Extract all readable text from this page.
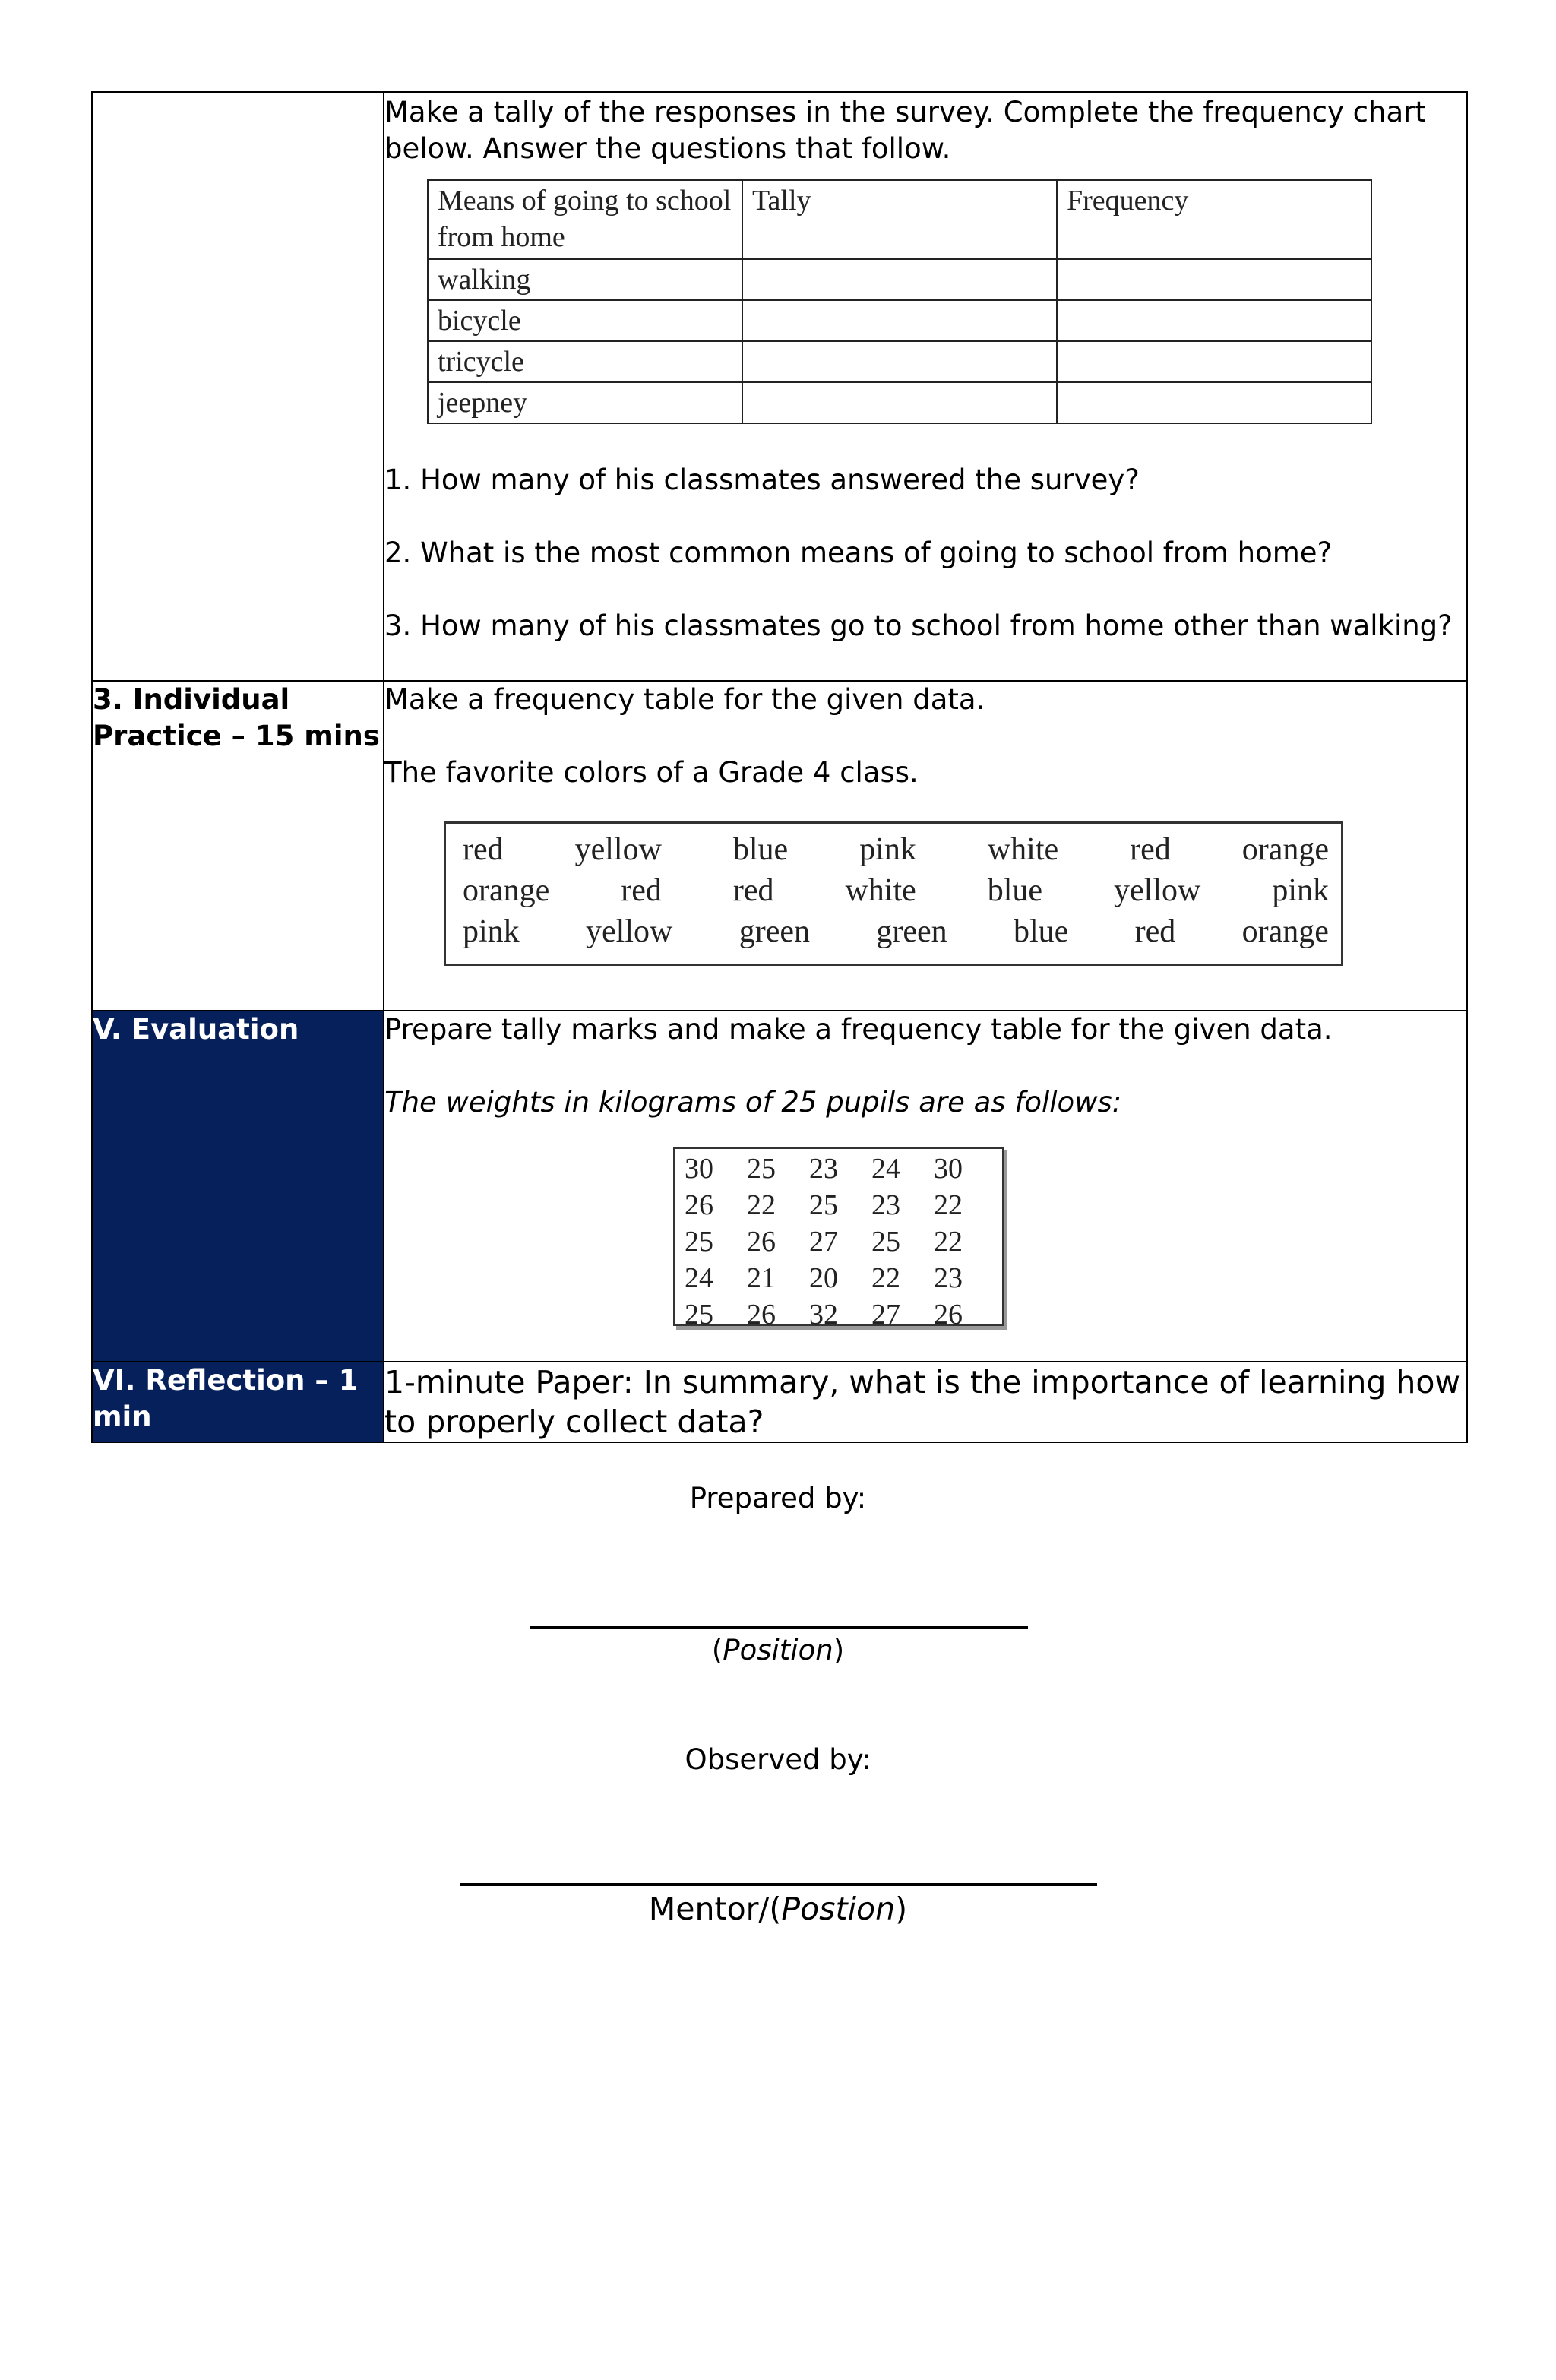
Make a tally of the responses in the survey. Complete the frequency chart below. Answer the questions that follow.

Means of going to school from home	Tally	Frequency
walking		
bicycle		
tricycle		
jeepney		

1. How many of his classmates answered the survey?

2. What is the most common means of going to school from home?

3. How many of his classmates go to school from home other than walking?

3. Individual Practice – 15 mins	

Make a frequency table for the given data.

The favorite colors of a Grade 4 class.

red yellow blue pink white red orange
orange red red white blue yellow pink
pink yellow green green blue red orange

V. Evaluation	Prepare tally marks and make a frequency table for the given data.

The weights in kilograms of 25 pupils are as follows:

30	25	23	24	30
26	22	25	23	22
25	26	27	25	22
24	21	20	22	23
25	26	32	27	26

VI. Reflection – 1 min	1-minute Paper: In summary, what is the importance of learning how to properly collect data?
Prepared by:
(Position)
Observed by:
Mentor/(Postion)
